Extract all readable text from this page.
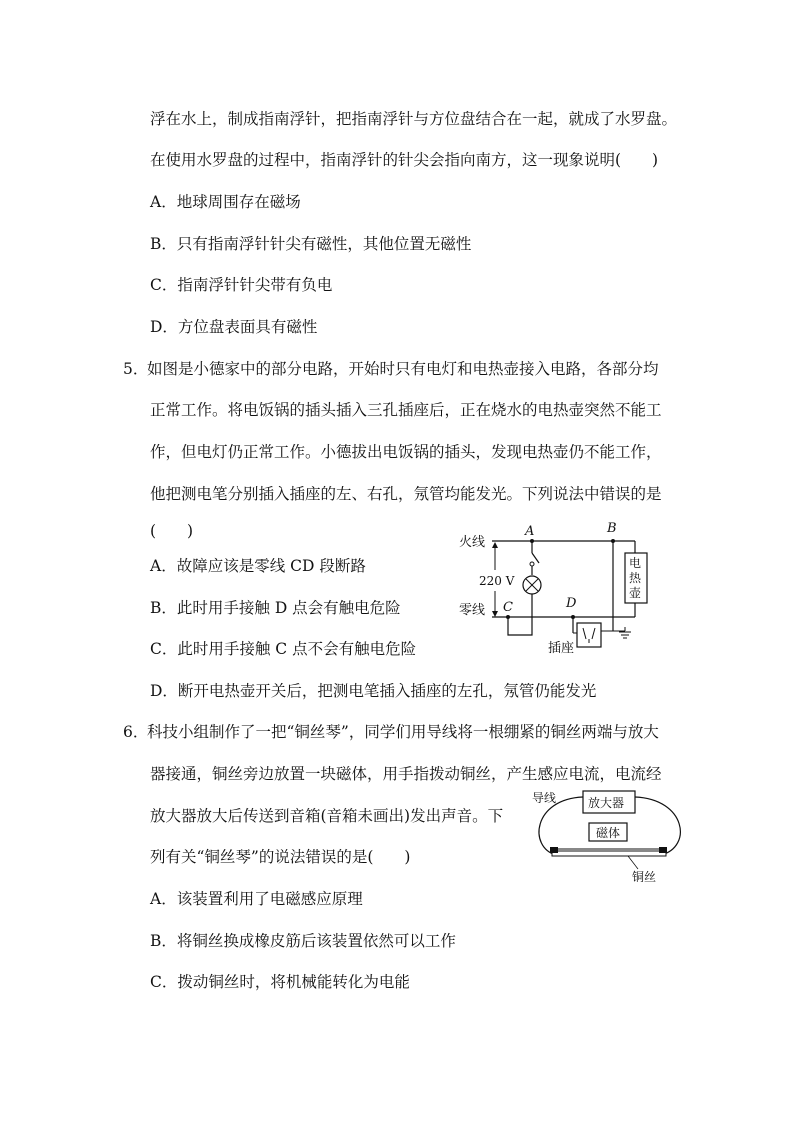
浮在水上，制成指南浮针，把指南浮针与方位盘结合在一起，就成了水罗盘。
在使用水罗盘的过程中，指南浮针的针尖会指向南方，这一现象说明(　　)
A．地球周围存在磁场
B．只有指南浮针针尖有磁性，其他位置无磁性
C．指南浮针针尖带有负电
D．方位盘表面具有磁性
5．
如图是小德家中的部分电路，开始时只有电灯和电热壶接入电路，各部分均
正常工作。将电饭锅的插头插入三孔插座后，正在烧水的电热壶突然不能工
作，但电灯仍正常工作。小德拔出电饭锅的插头，发现电热壶仍不能工作，
他把测电笔分别插入插座的左、右孔，氖管均能发光。下列说法中错误的是
(　　)
A．故障应该是零线 CD 段断路
B．此时用手接触 D 点会有触电危险
C．此时用手接触 C 点不会有触电危险
D．断开电热壶开关后，把测电笔插入插座的左孔，氖管仍能发光
火线
零线
220 V
A	B
C	D
电
热
壶
插座
6．
科技小组制作了一把“铜丝琴”，同学们用导线将一根绷紧的铜丝两端与放大
器接通，铜丝旁边放置一块磁体，用手指拨动铜丝，产生感应电流，电流经
放大器放大后传送到音箱(音箱未画出)发出声音。下
列有关“铜丝琴”的说法错误的是(　　)
A．该装置利用了电磁感应原理
B．将铜丝换成橡皮筋后该装置依然可以工作
C．拨动铜丝时，将机械能转化为电能
导线	放大器
磁体
铜丝
